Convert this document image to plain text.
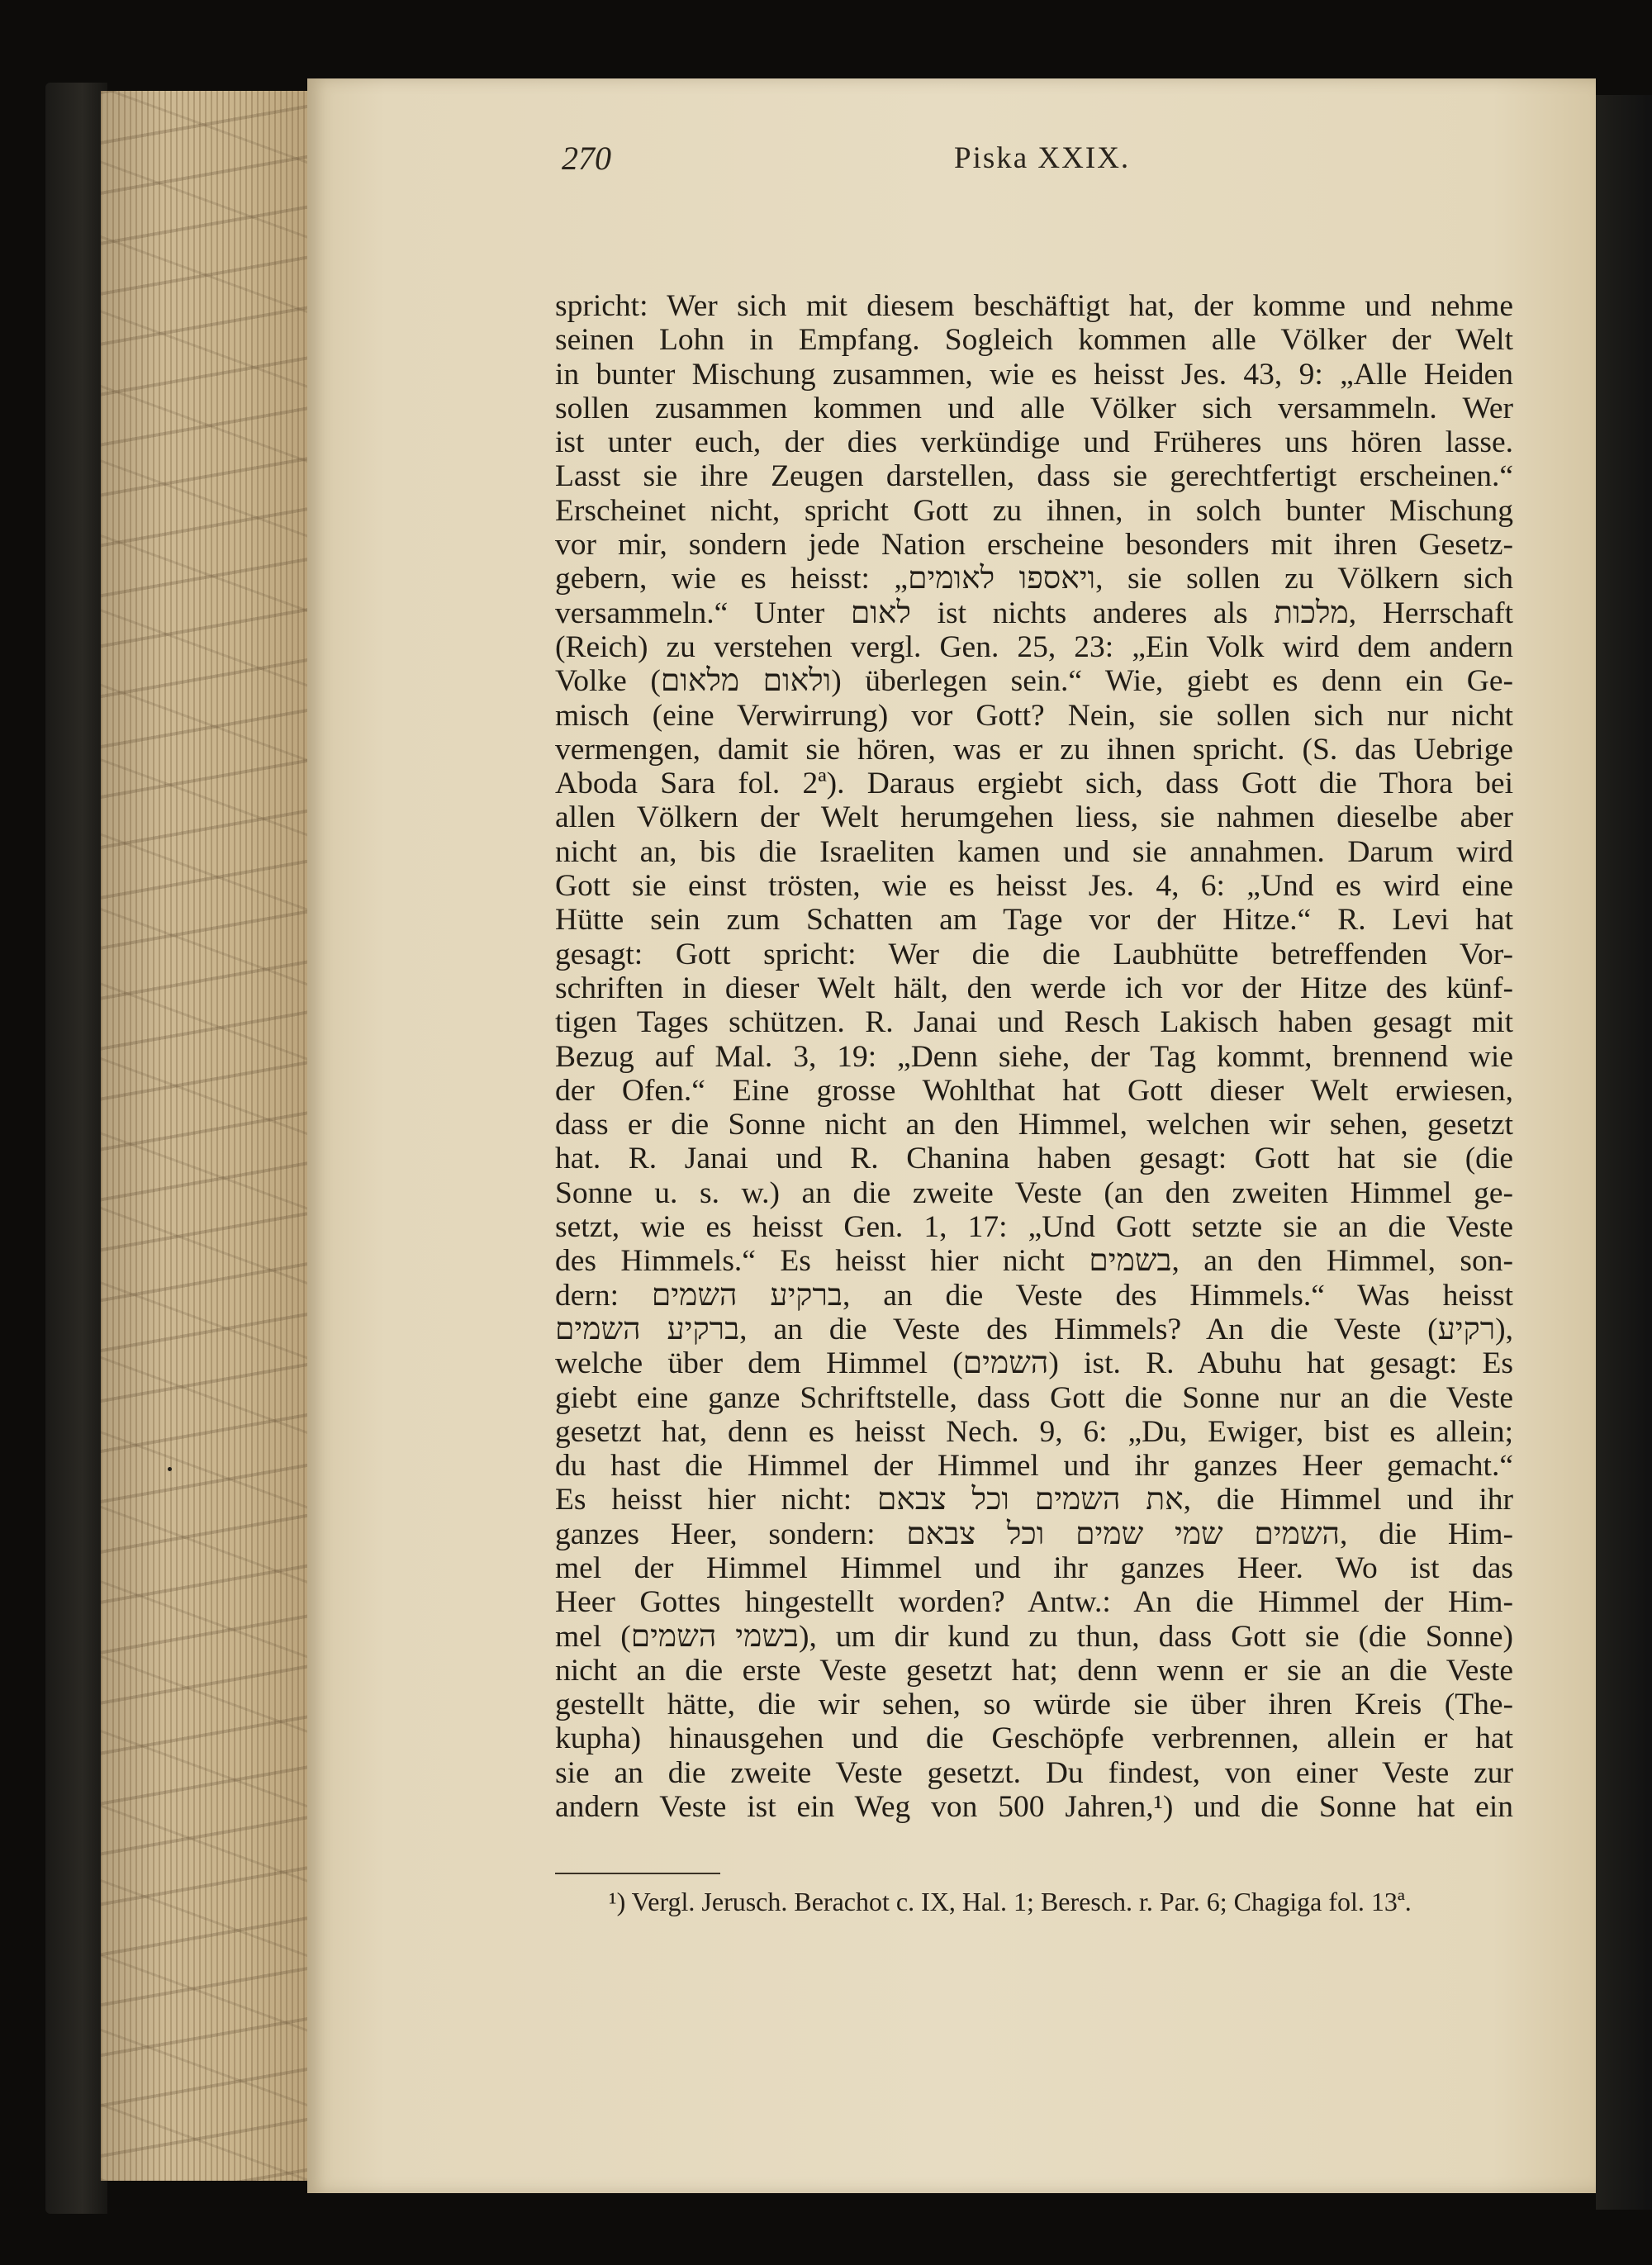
270	Piska XXIX.
spricht: Wer sich mit diesem beschäftigt hat, der komme und nehme
seinen Lohn in Empfang. Sogleich kommen alle Völker der Welt
in bunter Mischung zusammen, wie es heisst Jes. 43, 9: „Alle Heiden
sollen zusammen kommen und alle Völker sich versammeln. Wer
ist unter euch, der dies verkündige und Früheres uns hören lasse.
Lasst sie ihre Zeugen darstellen, dass sie gerechtfertigt erscheinen.“
Erscheinet nicht, spricht Gott zu ihnen, in solch bunter Mischung
vor mir, sondern jede Nation erscheine besonders mit ihren Gesetz-
gebern, wie es heisst: „ויאספו לאומים, sie sollen zu Völkern sich
versammeln.“ Unter לאום ist nichts anderes als מלכות, Herrschaft
(Reich) zu verstehen vergl. Gen. 25, 23: „Ein Volk wird dem andern
Volke (ולאום מלאום) überlegen sein.“ Wie, giebt es denn ein Ge-
misch (eine Verwirrung) vor Gott? Nein, sie sollen sich nur nicht
vermengen, damit sie hören, was er zu ihnen spricht. (S. das Uebrige
Aboda Sara fol. 2ª). Daraus ergiebt sich, dass Gott die Thora bei
allen Völkern der Welt herumgehen liess, sie nahmen dieselbe aber
nicht an, bis die Israeliten kamen und sie annahmen. Darum wird
Gott sie einst trösten, wie es heisst Jes. 4, 6: „Und es wird eine
Hütte sein zum Schatten am Tage vor der Hitze.“ R. Levi hat
gesagt: Gott spricht: Wer die die Laubhütte betreffenden Vor-
schriften in dieser Welt hält, den werde ich vor der Hitze des künf-
tigen Tages schützen. R. Janai und Resch Lakisch haben gesagt mit
Bezug auf Mal. 3, 19: „Denn siehe, der Tag kommt, brennend wie
der Ofen.“ Eine grosse Wohlthat hat Gott dieser Welt erwiesen,
dass er die Sonne nicht an den Himmel, welchen wir sehen, gesetzt
hat. R. Janai und R. Chanina haben gesagt: Gott hat sie (die
Sonne u. s. w.) an die zweite Veste (an den zweiten Himmel ge-
setzt, wie es heisst Gen. 1, 17: „Und Gott setzte sie an die Veste
des Himmels.“ Es heisst hier nicht בשמים, an den Himmel, son-
dern: ברקיע השמים, an die Veste des Himmels.“ Was heisst
ברקיע השמים, an die Veste des Himmels? An die Veste (רקיע),
welche über dem Himmel (השמים) ist. R. Abuhu hat gesagt: Es
giebt eine ganze Schriftstelle, dass Gott die Sonne nur an die Veste
gesetzt hat, denn es heisst Nech. 9, 6: „Du, Ewiger, bist es allein;
du hast die Himmel der Himmel und ihr ganzes Heer gemacht.“
Es heisst hier nicht: את השמים וכל צבאם, die Himmel und ihr
ganzes Heer, sondern: השמים שמי שמים וכל צבאם, die Him-
mel der Himmel Himmel und ihr ganzes Heer. Wo ist das
Heer Gottes hingestellt worden? Antw.: An die Himmel der Him-
mel (בשמי השמים), um dir kund zu thun, dass Gott sie (die Sonne)
nicht an die erste Veste gesetzt hat; denn wenn er sie an die Veste
gestellt hätte, die wir sehen, so würde sie über ihren Kreis (The-
kupha) hinausgehen und die Geschöpfe verbrennen, allein er hat
sie an die zweite Veste gesetzt. Du findest, von einer Veste zur
andern Veste ist ein Weg von 500 Jahren,¹) und die Sonne hat ein
¹) Vergl. Jerusch. Berachot c. IX, Hal. 1; Beresch. r. Par. 6; Chagiga fol. 13ª.
